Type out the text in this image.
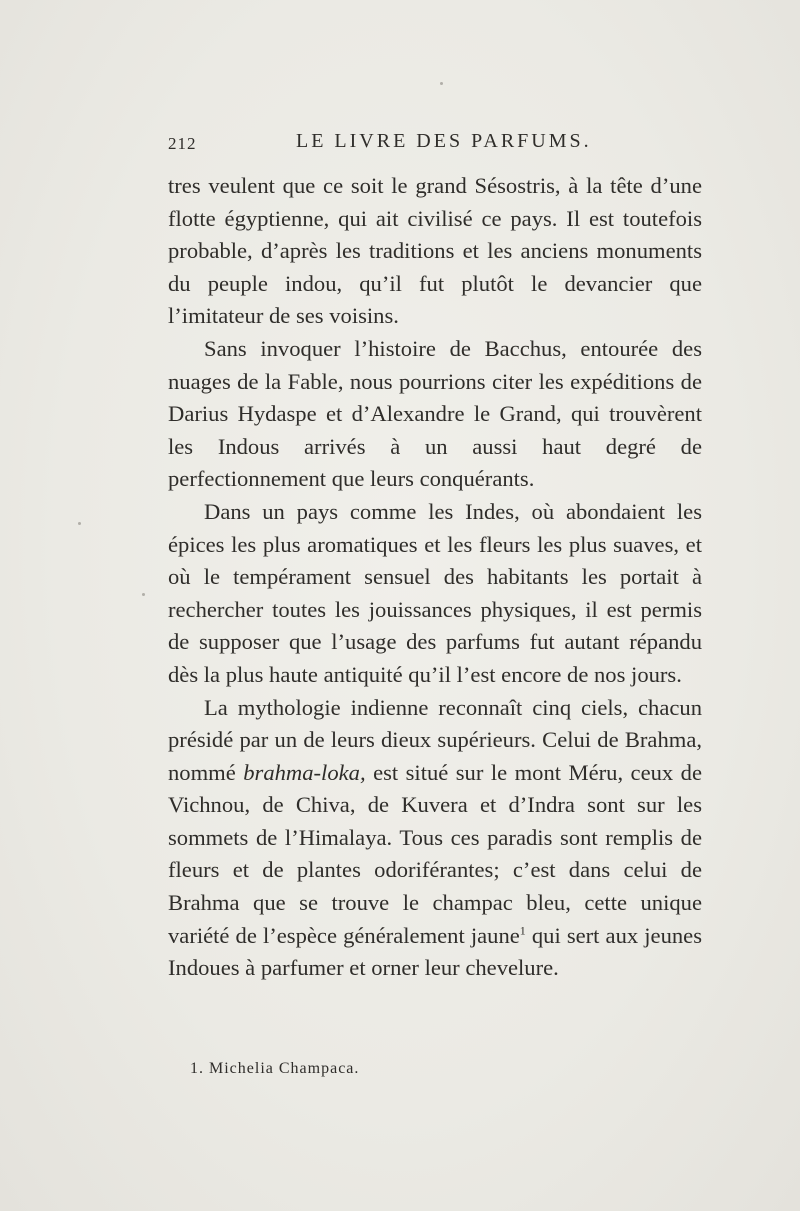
212	LE LIVRE DES PARFUMS.

tres veulent que ce soit le grand Sésostris, à la tête d’une flotte égyptienne, qui ait civilisé ce pays. Il est toutefois probable, d’après les traditions et les anciens monuments du peuple indou, qu’il fut plutôt le devancier que l’imitateur de ses voisins.

Sans invoquer l’histoire de Bacchus, entourée des nuages de la Fable, nous pourrions citer les expéditions de Darius Hydaspe et d’Alexandre le Grand, qui trouvèrent les Indous arrivés à un aussi haut degré de perfectionnement que leurs conquérants.

Dans un pays comme les Indes, où abondaient les épices les plus aromatiques et les fleurs les plus suaves, et où le tempérament sensuel des habitants les portait à rechercher toutes les jouissances physiques, il est permis de supposer que l’usage des parfums fut autant répandu dès la plus haute antiquité qu’il l’est encore de nos jours.

La mythologie indienne reconnaît cinq ciels, chacun présidé par un de leurs dieux supérieurs. Celui de Brahma, nommé brahma-loka, est situé sur le mont Méru, ceux de Vichnou, de Chiva, de Kuvera et d’Indra sont sur les sommets de l’Himalaya. Tous ces paradis sont remplis de fleurs et de plantes odoriférantes; c’est dans celui de Brahma que se trouve le champac bleu, cette unique variété de l’espèce généralement jaune$^1$ qui sert aux jeunes Indoues à parfumer et orner leur chevelure.

1. Michelia Champaca.
